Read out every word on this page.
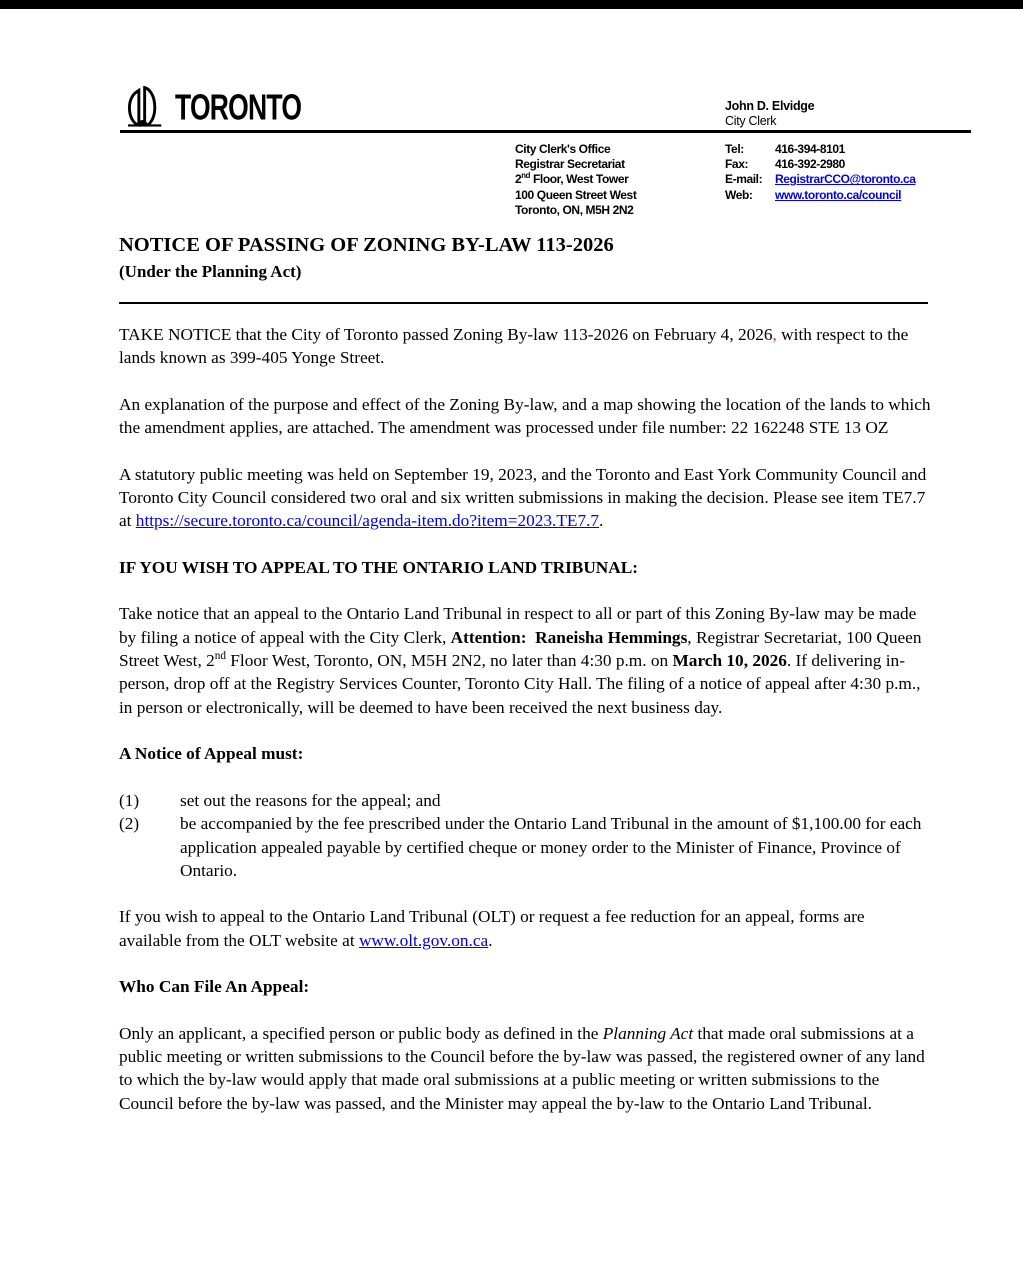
TORONTO	John D. Elvidge
City Clerk
City Clerk's Office
Registrar Secretariat
2nd Floor, West Tower
100 Queen Street West
Toronto, ON, M5H 2N2
Tel:	416-394-8101
Fax:	416-392-2980
E-mail:	RegistrarCCO@toronto.ca
Web:	www.toronto.ca/council
NOTICE OF PASSING OF ZONING BY-LAW 113-2026
(Under the Planning Act)

TAKE NOTICE that the City of Toronto passed Zoning By-law 113-2026 on February 4, 2026, with respect to the lands known as 399-405 Yonge Street.

An explanation of the purpose and effect of the Zoning By-law, and a map showing the location of the lands to which the amendment applies, are attached. The amendment was processed under file number: 22 162248 STE 13 OZ

A statutory public meeting was held on September 19, 2023, and the Toronto and East York Community Council and Toronto City Council considered two oral and six written submissions in making the decision. Please see item TE7.7 at https://secure.toronto.ca/council/agenda-item.do?item=2023.TE7.7.

IF YOU WISH TO APPEAL TO THE ONTARIO LAND TRIBUNAL:

Take notice that an appeal to the Ontario Land Tribunal in respect to all or part of this Zoning By-law may be made by filing a notice of appeal with the City Clerk, Attention:  Raneisha Hemmings, Registrar Secretariat, 100 Queen Street West, 2nd Floor West, Toronto, ON, M5H 2N2, no later than 4:30 p.m. on March 10, 2026. If delivering in-person, drop off at the Registry Services Counter, Toronto City Hall. The filing of a notice of appeal after 4:30 p.m., in person or electronically, will be deemed to have been received the next business day.

A Notice of Appeal must:

(1)	set out the reasons for the appeal; and
(2)	be accompanied by the fee prescribed under the Ontario Land Tribunal in the amount of $1,100.00 for each application appealed payable by certified cheque or money order to the Minister of Finance, Province of Ontario.

If you wish to appeal to the Ontario Land Tribunal (OLT) or request a fee reduction for an appeal, forms are available from the OLT website at www.olt.gov.on.ca.

Who Can File An Appeal:

Only an applicant, a specified person or public body as defined in the Planning Act that made oral submissions at a public meeting or written submissions to the Council before the by-law was passed, the registered owner of any land to which the by-law would apply that made oral submissions at a public meeting or written submissions to the Council before the by-law was passed, and the Minister may appeal the by-law to the Ontario Land Tribunal.
